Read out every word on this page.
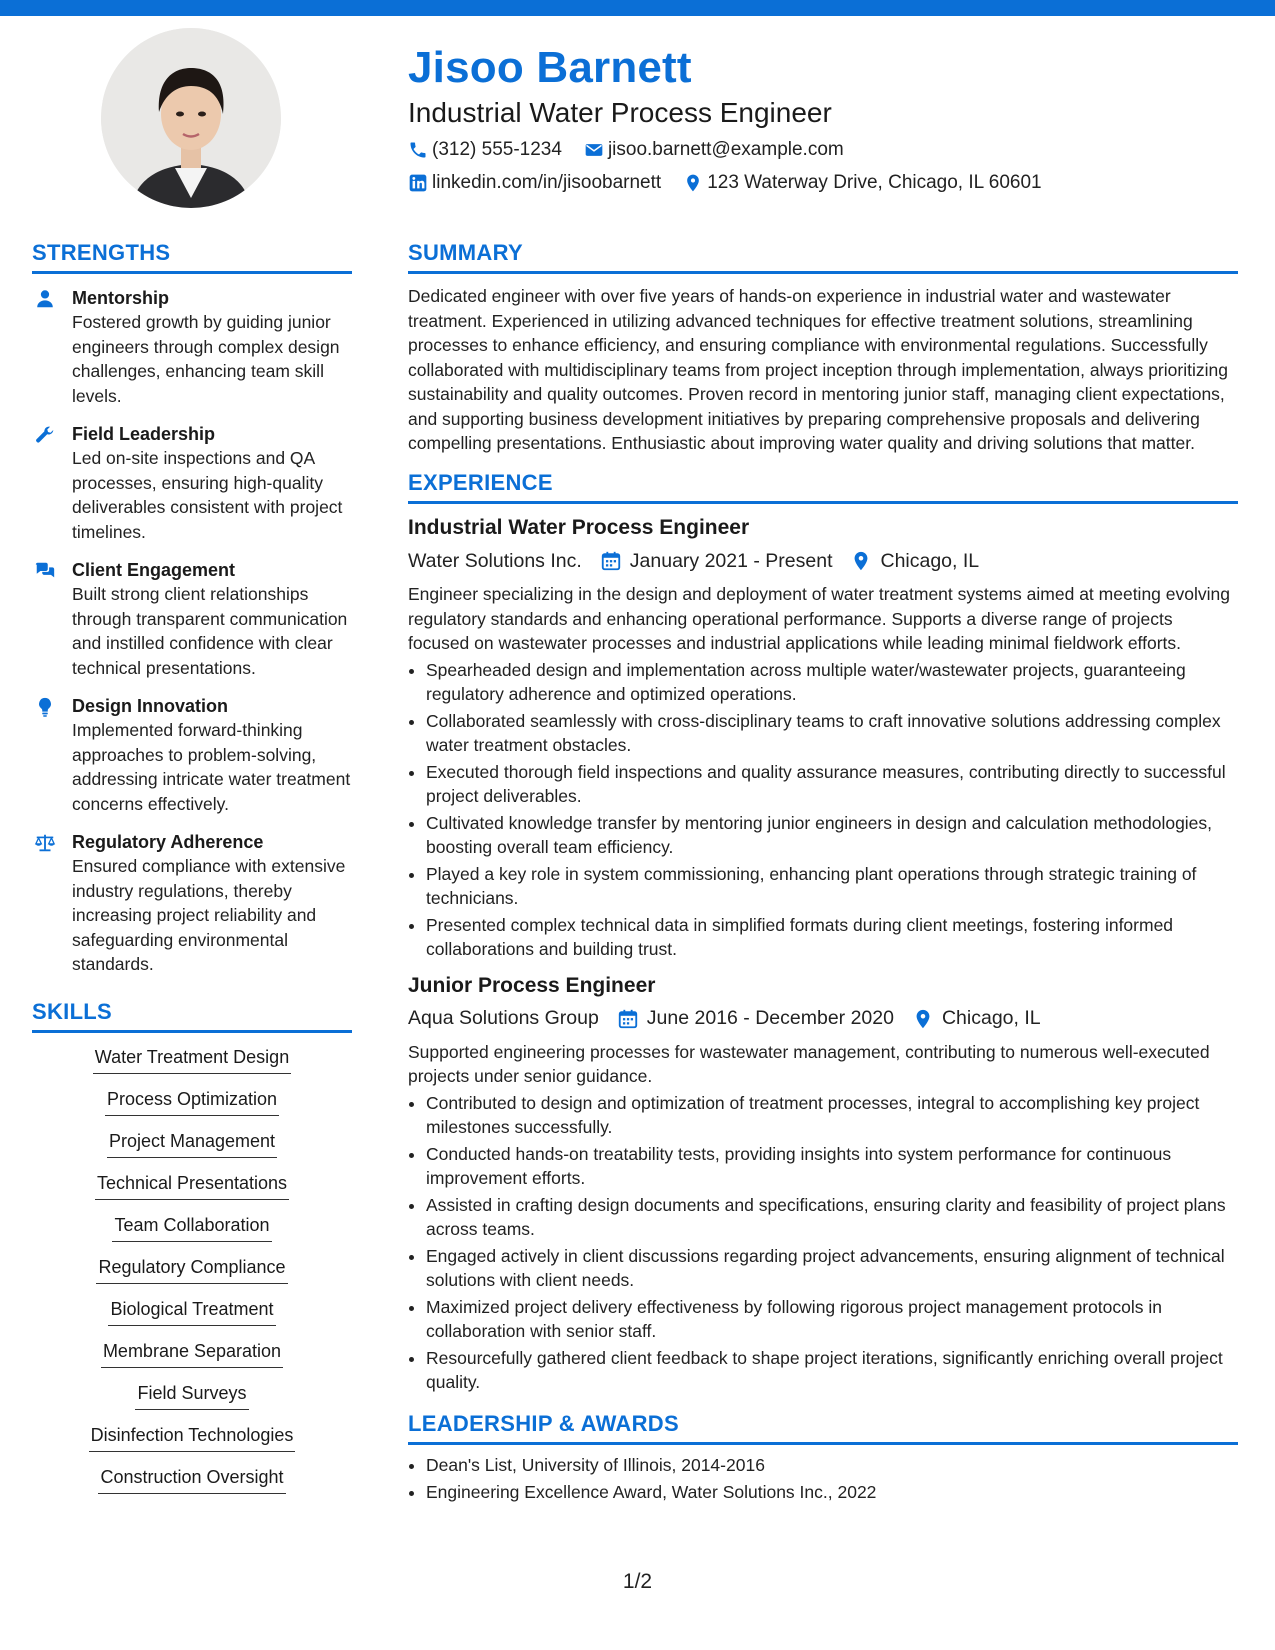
Jisoo Barnett
Industrial Water Process Engineer
(312) 555-1234 jisoo.barnett@example.com
linkedin.com/in/jisoobarnett 123 Waterway Drive, Chicago, IL 60601
STRENGTHS
Mentorship
Fostered growth by guiding junior engineers through complex design challenges, enhancing team skill levels.
Field Leadership
Led on-site inspections and QA processes, ensuring high-quality deliverables consistent with project timelines.
Client Engagement
Built strong client relationships through transparent communication and instilled confidence with clear technical presentations.
Design Innovation
Implemented forward-thinking approaches to problem-solving, addressing intricate water treatment concerns effectively.
Regulatory Adherence
Ensured compliance with extensive industry regulations, thereby increasing project reliability and safeguarding environmental standards.
SKILLS
Water Treatment Design
Process Optimization
Project Management
Technical Presentations
Team Collaboration
Regulatory Compliance
Biological Treatment
Membrane Separation
Field Surveys
Disinfection Technologies
Construction Oversight
SUMMARY
Dedicated engineer with over five years of hands-on experience in industrial water and wastewater treatment. Experienced in utilizing advanced techniques for effective treatment solutions, streamlining processes to enhance efficiency, and ensuring compliance with environmental regulations. Successfully collaborated with multidisciplinary teams from project inception through implementation, always prioritizing sustainability and quality outcomes. Proven record in mentoring junior staff, managing client expectations, and supporting business development initiatives by preparing comprehensive proposals and delivering compelling presentations. Enthusiastic about improving water quality and driving solutions that matter.
EXPERIENCE
Industrial Water Process Engineer
Water Solutions Inc. January 2021 - Present Chicago, IL
Engineer specializing in the design and deployment of water treatment systems aimed at meeting evolving regulatory standards and enhancing operational performance. Supports a diverse range of projects focused on wastewater processes and industrial applications while leading minimal fieldwork efforts.
• Spearheaded design and implementation across multiple water/wastewater projects, guaranteeing regulatory adherence and optimized operations.
• Collaborated seamlessly with cross-disciplinary teams to craft innovative solutions addressing complex water treatment obstacles.
• Executed thorough field inspections and quality assurance measures, contributing directly to successful project deliverables.
• Cultivated knowledge transfer by mentoring junior engineers in design and calculation methodologies, boosting overall team efficiency.
• Played a key role in system commissioning, enhancing plant operations through strategic training of technicians.
• Presented complex technical data in simplified formats during client meetings, fostering informed collaborations and building trust.
Junior Process Engineer
Aqua Solutions Group June 2016 - December 2020 Chicago, IL
Supported engineering processes for wastewater management, contributing to numerous well-executed projects under senior guidance.
• Contributed to design and optimization of treatment processes, integral to accomplishing key project milestones successfully.
• Conducted hands-on treatability tests, providing insights into system performance for continuous improvement efforts.
• Assisted in crafting design documents and specifications, ensuring clarity and feasibility of project plans across teams.
• Engaged actively in client discussions regarding project advancements, ensuring alignment of technical solutions with client needs.
• Maximized project delivery effectiveness by following rigorous project management protocols in collaboration with senior staff.
• Resourcefully gathered client feedback to shape project iterations, significantly enriching overall project quality.
LEADERSHIP & AWARDS
• Dean's List, University of Illinois, 2014-2016
• Engineering Excellence Award, Water Solutions Inc., 2022
1/2
